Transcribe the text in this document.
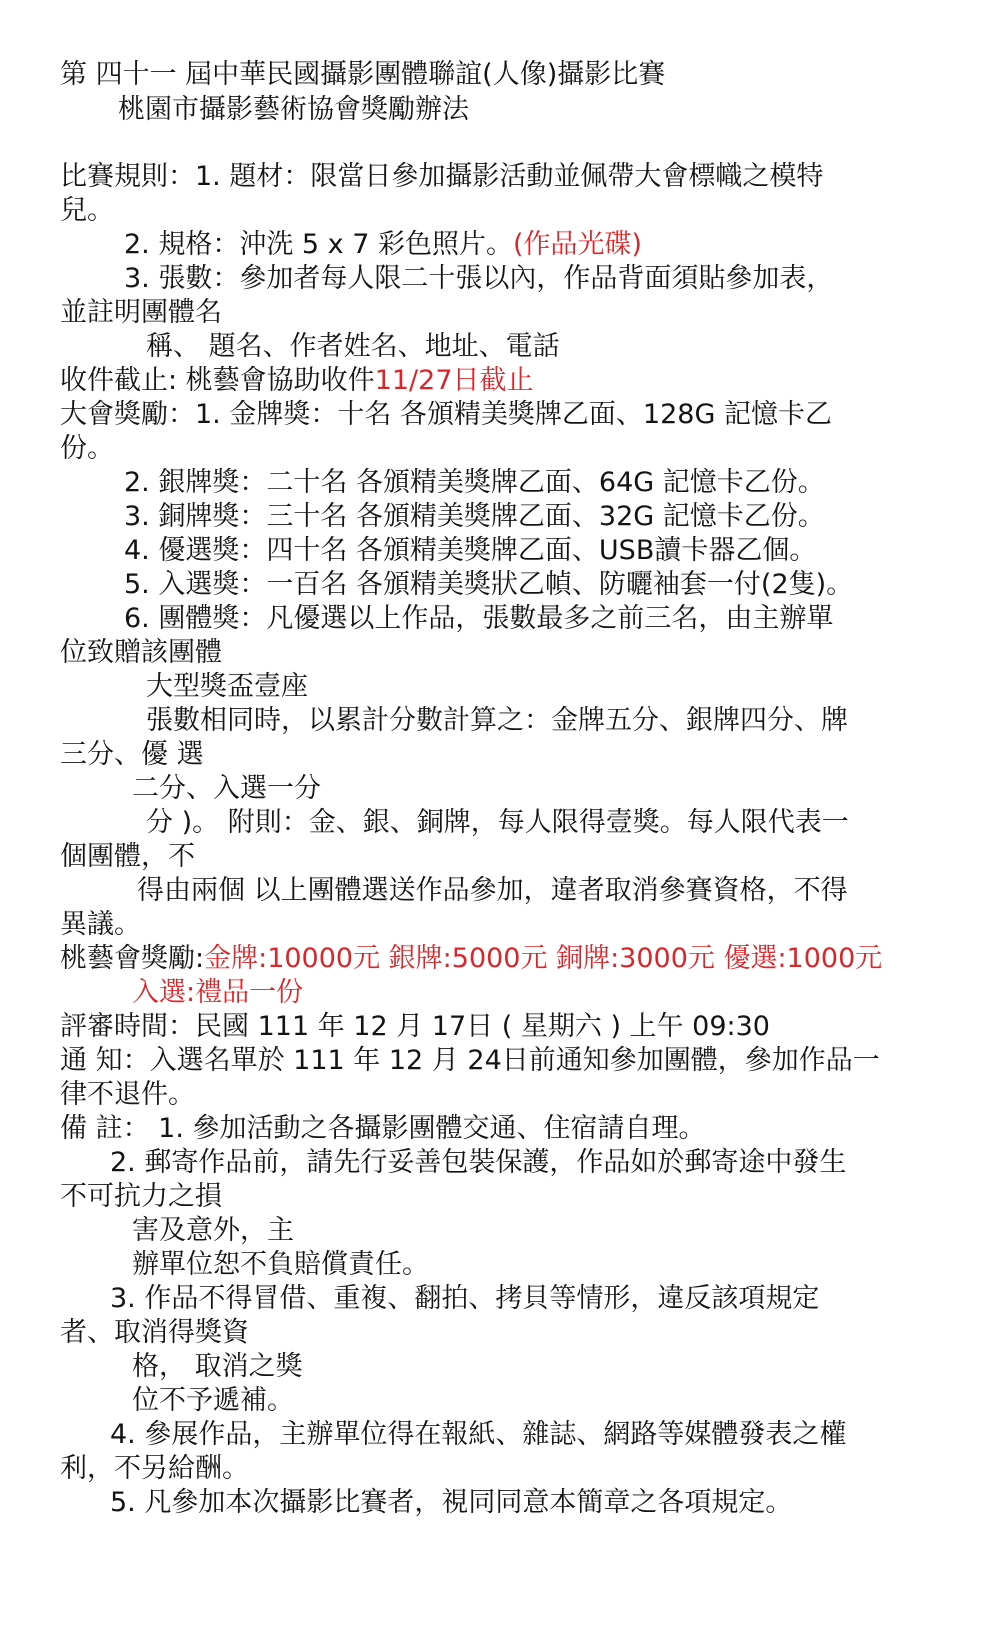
第 四十一 屆中華民國攝影團體聯誼(人像)攝影比賽
桃園市攝影藝術協會獎勵辦法
比賽規則：1. 題材：限當日參加攝影活動並佩帶大會標幟之模特
兒。
2. 規格：沖洗 5 x 7 彩色照片。(作品光碟)
3. 張數：參加者每人限二十張以內，作品背面須貼參加表，
並註明團體名
稱、 題名、作者姓名、地址、電話
收件截止: 桃藝會協助收件11/27日截止
大會獎勵：1. 金牌獎：十名 各頒精美獎牌乙面、128G 記憶卡乙
份。
2. 銀牌獎：二十名 各頒精美獎牌乙面、64G 記憶卡乙份。
3. 銅牌獎：三十名 各頒精美獎牌乙面、32G 記憶卡乙份。
4. 優選獎：四十名 各頒精美獎牌乙面、USB讀卡器乙個。
5. 入選獎：一百名 各頒精美獎狀乙幀、防曬袖套一付(2隻)。
6. 團體獎：凡優選以上作品，張數最多之前三名，由主辦單
位致贈該團體
大型獎盃壹座
張數相同時，以累計分數計算之：金牌五分、銀牌四分、牌
三分、優 選
二分、入選一分
分 )。 附則：金、銀、銅牌，每人限得壹獎。每人限代表一
個團體，不
得由兩個 以上團體選送作品參加，違者取消參賽資格，不得
異議。
桃藝會獎勵:金牌:10000元 銀牌:5000元 銅牌:3000元 優選:1000元
入選:禮品一份
評審時間：民國 111 年 12 月 17日 ( 星期六 ) 上午 09:30
通 知：入選名單於 111 年 12 月 24日前通知參加團體，參加作品一
律不退件。
備 註： 1. 參加活動之各攝影團體交通、住宿請自理。
2. 郵寄作品前，請先行妥善包裝保護，作品如於郵寄途中發生
不可抗力之損
害及意外，主
辦單位恕不負賠償責任。
3. 作品不得冒借、重複、翻拍、拷貝等情形，違反該項規定
者、取消得獎資
格， 取消之獎
位不予遞補。
4. 參展作品，主辦單位得在報紙、雜誌、網路等媒體發表之權
利，不另給酬。
5. 凡參加本次攝影比賽者，視同同意本簡章之各項規定。
